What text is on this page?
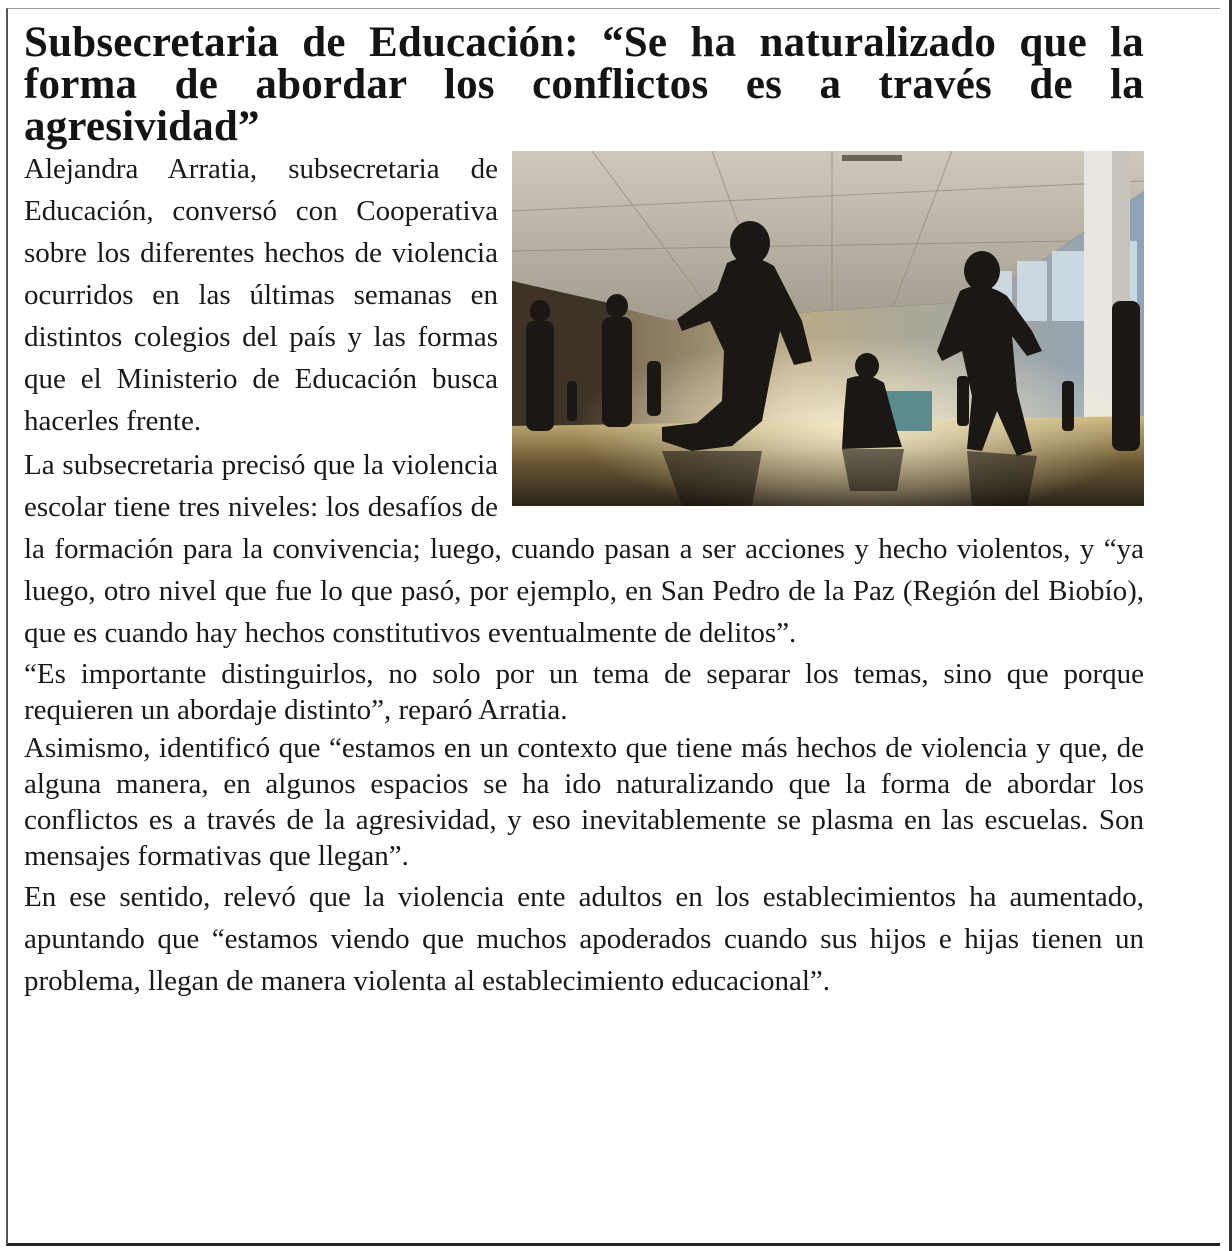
Subsecretaria de Educación: “Se ha naturalizado que la forma de abordar los conflictos es a través de la agresividad”

Alejandra Arratia, subsecretaria de Educación, conversó con Cooperativa sobre los diferentes hechos de violencia ocurridos en las últimas semanas en distintos colegios del país y las formas que el Ministerio de Educación busca hacerles frente.

La subsecretaria precisó que la violencia escolar tiene tres niveles: los desafíos de la formación para la convivencia; luego, cuando pasan a ser acciones y hecho violentos, y “ya luego, otro nivel que fue lo que pasó, por ejemplo, en San Pedro de la Paz (Región del Biobío), que es cuando hay hechos constitutivos eventualmente de delitos”.

“Es importante distinguirlos, no solo por un tema de separar los temas, sino que porque requieren un abordaje distinto”, reparó Arratia.

Asimismo, identificó que “estamos en un contexto que tiene más hechos de violencia y que, de alguna manera, en algunos espacios se ha ido naturalizando que la forma de abordar los conflictos es a través de la agresividad, y eso inevitablemente se plasma en las escuelas. Son mensajes formativas que llegan”.

En ese sentido, relevó que la violencia ente adultos en los establecimientos ha aumentado, apuntando que “estamos viendo que muchos apoderados cuando sus hijos e hijas tienen un problema, llegan de manera violenta al establecimiento educacional”.
